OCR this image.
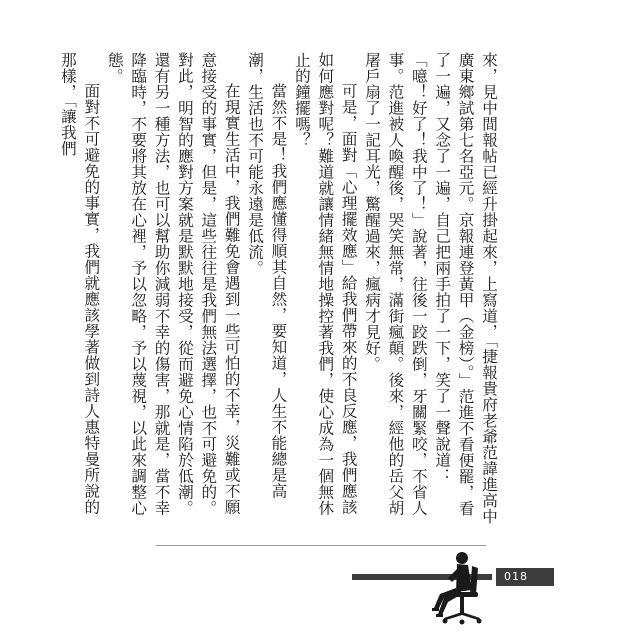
來，見中間報帖已經升掛起來，上寫道，「捷報貴府老爺范諱進高中廣東鄉試第七名亞元。京報連登黃甲（金榜）。」范進不看便罷，看了一遍，又念了一遍，自己把兩手拍了一下，笑了一聲說道：「噫！好了！我中了！」說著，往後一跤跌倒，牙關緊咬，不省人事。范進被人喚醒後，哭笑無常，滿街瘋顛。後來，經他的岳父胡屠戶扇了一記耳光，驚醒過來，瘋病才見好。

可是，面對「心理擺效應」給我們帶來的不良反應，我們應該如何應對呢？難道就讓情緒無情地操控著我們，使心成為一個無休止的鐘擺嗎？

當然不是！我們應懂得順其自然，要知道，人生不能總是高潮，生活也不可能永遠是低流。

在現實生活中，我們難免會遇到一些可怕的不幸，災難或不願意接受的事實，但是，這些往往是我們無法選擇，也不可避免的。對此，明智的應對方案就是默默地接受，從而避免心情陷於低潮。還有另一種方法，也可以幫助你減弱不幸的傷害，那就是，當不幸降臨時，不要將其放在心裡，予以忽略，予以蔑視，以此來調整心態。

面對不可避免的事實，我們就應該學著做到詩人惠特曼所說的那樣，「讓我們

018
